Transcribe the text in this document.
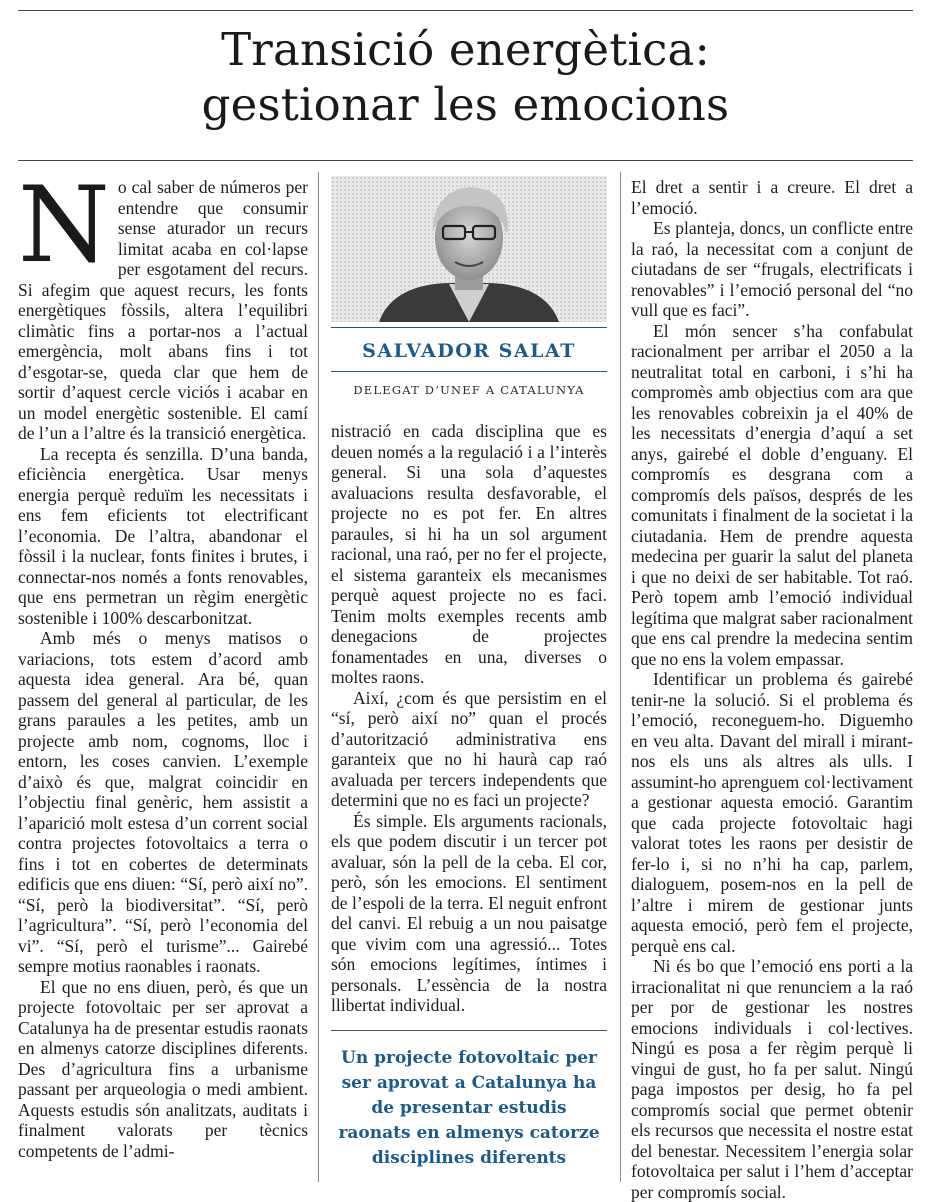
Transició energètica:
gestionar les emocions

No cal saber de números per entendre que consumir sense aturador un recurs limitat acaba en col·lapse per esgotament del recurs. Si afegim que aquest recurs, les fonts energètiques fòssils, altera l’equilibri climàtic fins a portar-nos a l’actual emergència, molt abans fins i tot d’esgotar-se, queda clar que hem de sortir d’aquest cercle viciós i acabar en un model energètic sostenible. El camí de l’un a l’altre és la transició energètica.

La recepta és senzilla. D’una banda, eficiència energètica. Usar menys energia perquè reduïm les necessitats i ens fem eficients tot electrificant l’economia. De l’altra, abandonar el fòssil i la nuclear, fonts finites i brutes, i connectar-nos només a fonts renovables, que ens permetran un règim energètic sostenible i 100% descarbonitzat.

Amb més o menys matisos o variacions, tots estem d’acord amb aquesta idea general. Ara bé, quan passem del general al particular, de les grans paraules a les petites, amb un projecte amb nom, cognoms, lloc i entorn, les coses canvien. L’exemple d’això és que, malgrat coincidir en l’objectiu final genèric, hem assistit a l’aparició molt estesa d’un corrent social contra projectes fotovoltaics a terra o fins i tot en cobertes de determinats edificis que ens diuen: “Sí, però així no”. “Sí, però la biodiversitat”. “Sí, però l’agricultura”. “Sí, però l’economia del vi”. “Sí, però el turisme”... Gairebé sempre motius raonables i raonats.

El que no ens diuen, però, és que un projecte fotovoltaic per ser aprovat a Catalunya ha de presentar estudis raonats en almenys catorze disciplines diferents. Des d’agricultura fins a urbanisme passant per arqueologia o medi ambient. Aquests estudis són analitzats, auditats i finalment valorats per tècnics competents de l’admi-

SALVADOR SALAT
DELEGAT D’UNEF A CATALUNYA

nistració en cada disciplina que es deuen només a la regulació i a l’interès general. Si una sola d’aquestes avaluacions resulta desfavorable, el projecte no es pot fer. En altres paraules, si hi ha un sol argument racional, una raó, per no fer el projecte, el sistema garanteix els mecanismes perquè aquest projecte no es faci. Tenim molts exemples recents amb denegacions de projectes fonamentades en una, diverses o moltes raons.

Així, ¿com és que persistim en el “sí, però així no” quan el procés d’autorització administrativa ens garanteix que no hi haurà cap raó avaluada per tercers independents que determini que no es faci un projecte?

És simple. Els arguments racionals, els que podem discutir i un tercer pot avaluar, són la pell de la ceba. El cor, però, són les emocions. El sentiment de l’espoli de la terra. El neguit enfront del canvi. El rebuig a un nou paisatge que vivim com una agressió... Totes són emocions legítimes, íntimes i personals. L’essència de la nostra llibertat individual.

Un projecte fotovoltaic per ser aprovat a Catalunya ha de presentar estudis raonats en almenys catorze disciplines diferents

El dret a sentir i a creure. El dret a l’emoció.

Es planteja, doncs, un conflicte entre la raó, la necessitat com a conjunt de ciutadans de ser “frugals, electrificats i renovables” i l’emoció personal del “no vull que es faci”.

El món sencer s’ha confabulat racionalment per arribar el 2050 a la neutralitat total en carboni, i s’hi ha compromès amb objectius com ara que les renovables cobreixin ja el 40% de les necessitats d’energia d’aquí a set anys, gairebé el doble d’enguany. El compromís es desgrana com a compromís dels països, després de les comunitats i finalment de la societat i la ciutadania. Hem de prendre aquesta medecina per guarir la salut del planeta i que no deixi de ser habitable. Tot raó. Però topem amb l’emoció individual legítima que malgrat saber racionalment que ens cal prendre la medecina sentim que no ens la volem empassar.

Identificar un problema és gairebé tenir-ne la solució. Si el problema és l’emoció, reconeguem-ho. Diguemho en veu alta. Davant del mirall i mirant-nos els uns als altres als ulls. I assumint-ho aprenguem col·lectivament a gestionar aquesta emoció. Garantim que cada projecte fotovoltaic hagi valorat totes les raons per desistir de fer-lo i, si no n’hi ha cap, parlem, dialoguem, posem-nos en la pell de l’altre i mirem de gestionar junts aquesta emoció, però fem el projecte, perquè ens cal.

Ni és bo que l’emoció ens porti a la irracionalitat ni que renunciem a la raó per por de gestionar les nostres emocions individuals i col·lectives. Ningú es posa a fer règim perquè li vingui de gust, ho fa per salut. Ningú paga impostos per desig, ho fa pel compromís social que permet obtenir els recursos que necessita el nostre estat del benestar. Necessitem l’energia solar fotovoltaica per salut i l’hem d’acceptar per compromís social.
